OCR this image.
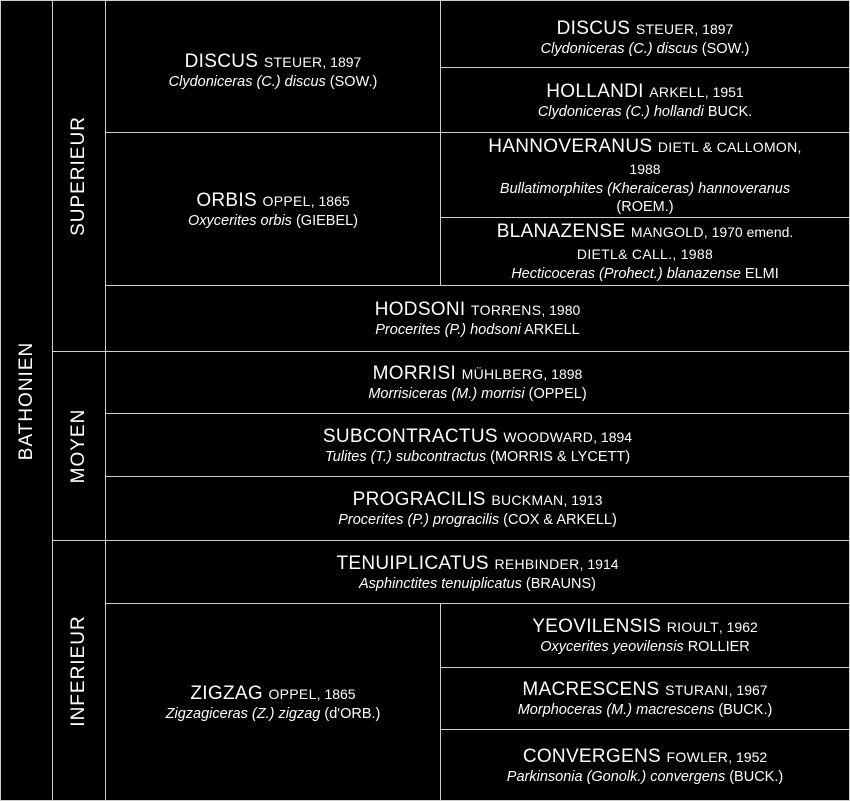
BATHONIEN
SUPERIEUR
MOYEN
INFERIEUR
DISCUS STEUER, 1897
Clydoniceras (C.) discus (SOW.)
ORBIS OPPEL, 1865
Oxycerites orbis (GIEBEL)
DISCUS STEUER, 1897
Clydoniceras (C.) discus (SOW.)
HOLLANDI ARKELL, 1951
Clydoniceras (C.) hollandi BUCK.
HANNOVERANUS DIETL & CALLOMON,
1988
Bullatimorphites (Kheraiceras) hannoveranus
(ROEM.)
BLANAZENSE MANGOLD, 1970 emend.
DIETL& CALL., 1988
Hecticoceras (Prohect.) blanazense ELMI
HODSONI TORRENS, 1980
Procerites (P.) hodsoni ARKELL
MORRISI MÜHLBERG, 1898
Morrisiceras (M.) morrisi (OPPEL)
SUBCONTRACTUS WOODWARD, 1894
Tulites (T.) subcontractus (MORRIS & LYCETT)
PROGRACILIS BUCKMAN, 1913
Procerites (P.) progracilis (COX & ARKELL)
TENUIPLICATUS REHBINDER, 1914
Asphinctites tenuiplicatus (BRAUNS)
ZIGZAG OPPEL, 1865
Zigzagiceras (Z.) zigzag (d'ORB.)
YEOVILENSIS RIOULT, 1962
Oxycerites yeovilensis ROLLIER
MACRESCENS STURANI, 1967
Morphoceras (M.) macrescens (BUCK.)
CONVERGENS FOWLER, 1952
Parkinsonia (Gonolk.) convergens (BUCK.)
